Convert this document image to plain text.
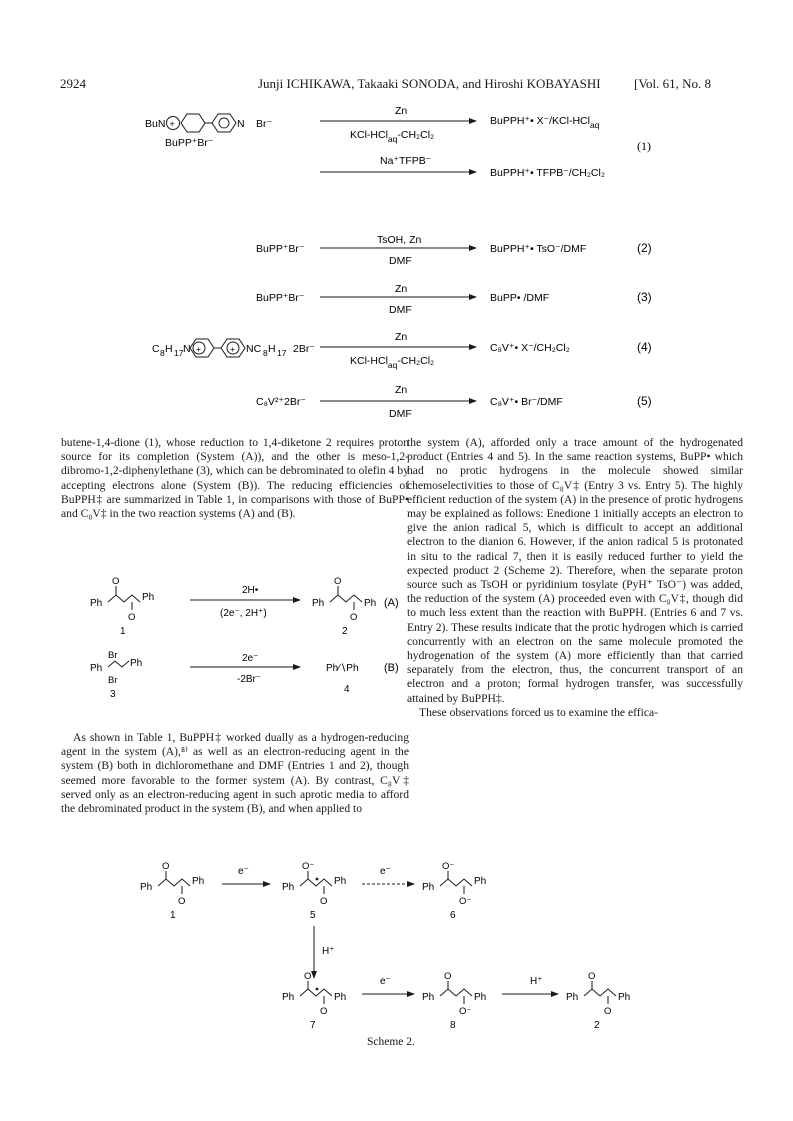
2924	Junji ICHIKAWA, Takaaki SONODA, and Hiroshi KOBAYASHI	[Vol. 61, No. 8
BuN +	N Br⁻
BuPP⁺Br⁻
Zn
KCl-HCl$_{aq}$-CH₂Cl₂
BuPPH⁺• X⁻/KCl-HCl$_{aq}$
(1)
Na⁺TFPB⁻
BuPPH⁺• TFPB⁻/CH₂Cl₂
BuPP⁺Br⁻
TsOH, Zn
DMF
BuPPH⁺• TsO⁻/DMF	(2)
BuPP⁺Br⁻
Zn
DMF
BuPP• /DMF	(3)
C 8 H 17 N +	+ NC 8 H 17 2Br⁻
Zn
KCl-HCl$_{aq}$-CH₂Cl₂
C₈V⁺• X⁻/CH₂Cl₂	(4)
C₈V²⁺2Br⁻
Zn
DMF
C₈V⁺• Br⁻/DMF	(5)

butene-1,4-dione (1), whose reduction to 1,4-diketone 2 requires proton source for its completion (System (A)), and the other is meso-1,2-dibromo-1,2-diphenylethane (3), which can be debrominated to olefin 4 by accepting electrons alone (System (B)). The reducing efficiencies of BuPPH‡ are summarized in Table 1, in comparisons with those of BuPP• and C₈V‡ in the two reaction systems (A) and (B).

Ph
O
O
Ph
1
2H•
(2e⁻, 2H⁺)
Ph
O
O
Ph
2
(A)
Br
Ph	Ph
Br
3
2e⁻
-2Br⁻
Ph∕∖Ph
4
(B)

As shown in Table 1, BuPPH‡ worked dually as a hydrogen-reducing agent in the system (A),⁸⁾ as well as an electron-reducing agent in the system (B) both in dichloromethane and DMF (Entries 1 and 2), though seemed more favorable to the former system (A). By contrast, C₈V‡ served only as an electron-reducing agent in such aprotic media to afford the debrominated product in the system (B), and when applied to

the system (A), afforded only a trace amount of the hydrogenated product (Entries 4 and 5). In the same reaction systems, BuPP• which had no protic hydrogens in the molecule showed similar chemoselectivities to those of C₈V‡ (Entry 3 vs. Entry 5). The highly efficient reduction of the system (A) in the presence of protic hydrogens may be explained as follows: Enedione 1 initially accepts an electron to give the anion radical 5, which is difficult to accept an additional electron to the dianion 6. However, if the anion radical 5 is protonated in situ to the radical 7, then it is easily reduced further to yield the expected product 2 (Scheme 2). Therefore, when the separate proton source such as TsOH or pyridinium tosylate (PyH⁺ TsO⁻) was added, the reduction of the system (A) proceeded even with C₈V‡, though did to much less extent than the reaction with BuPPH. (Entries 6 and 7 vs. Entry 2). These results indicate that the protic hydrogen which is carried concurrently with an electron on the same molecule promoted the hydrogenation of the system (A) more efficiently than that carried separately from the electron, thus, the concurrent transport of an electron and a proton; formal hydrogen transfer, was successfully attained by BuPPH‡.

These observations forced us to examine the effica-

Ph
O
O
Ph
1
e⁻
Ph
O⁻
O
Ph
5
e⁻
Ph
O⁻
O⁻
Ph
6
H⁺
Ph
O
O
Ph
7
e⁻
Ph
O
O⁻
Ph
8
H⁺
Ph
O
O
Ph
2
Scheme 2.
